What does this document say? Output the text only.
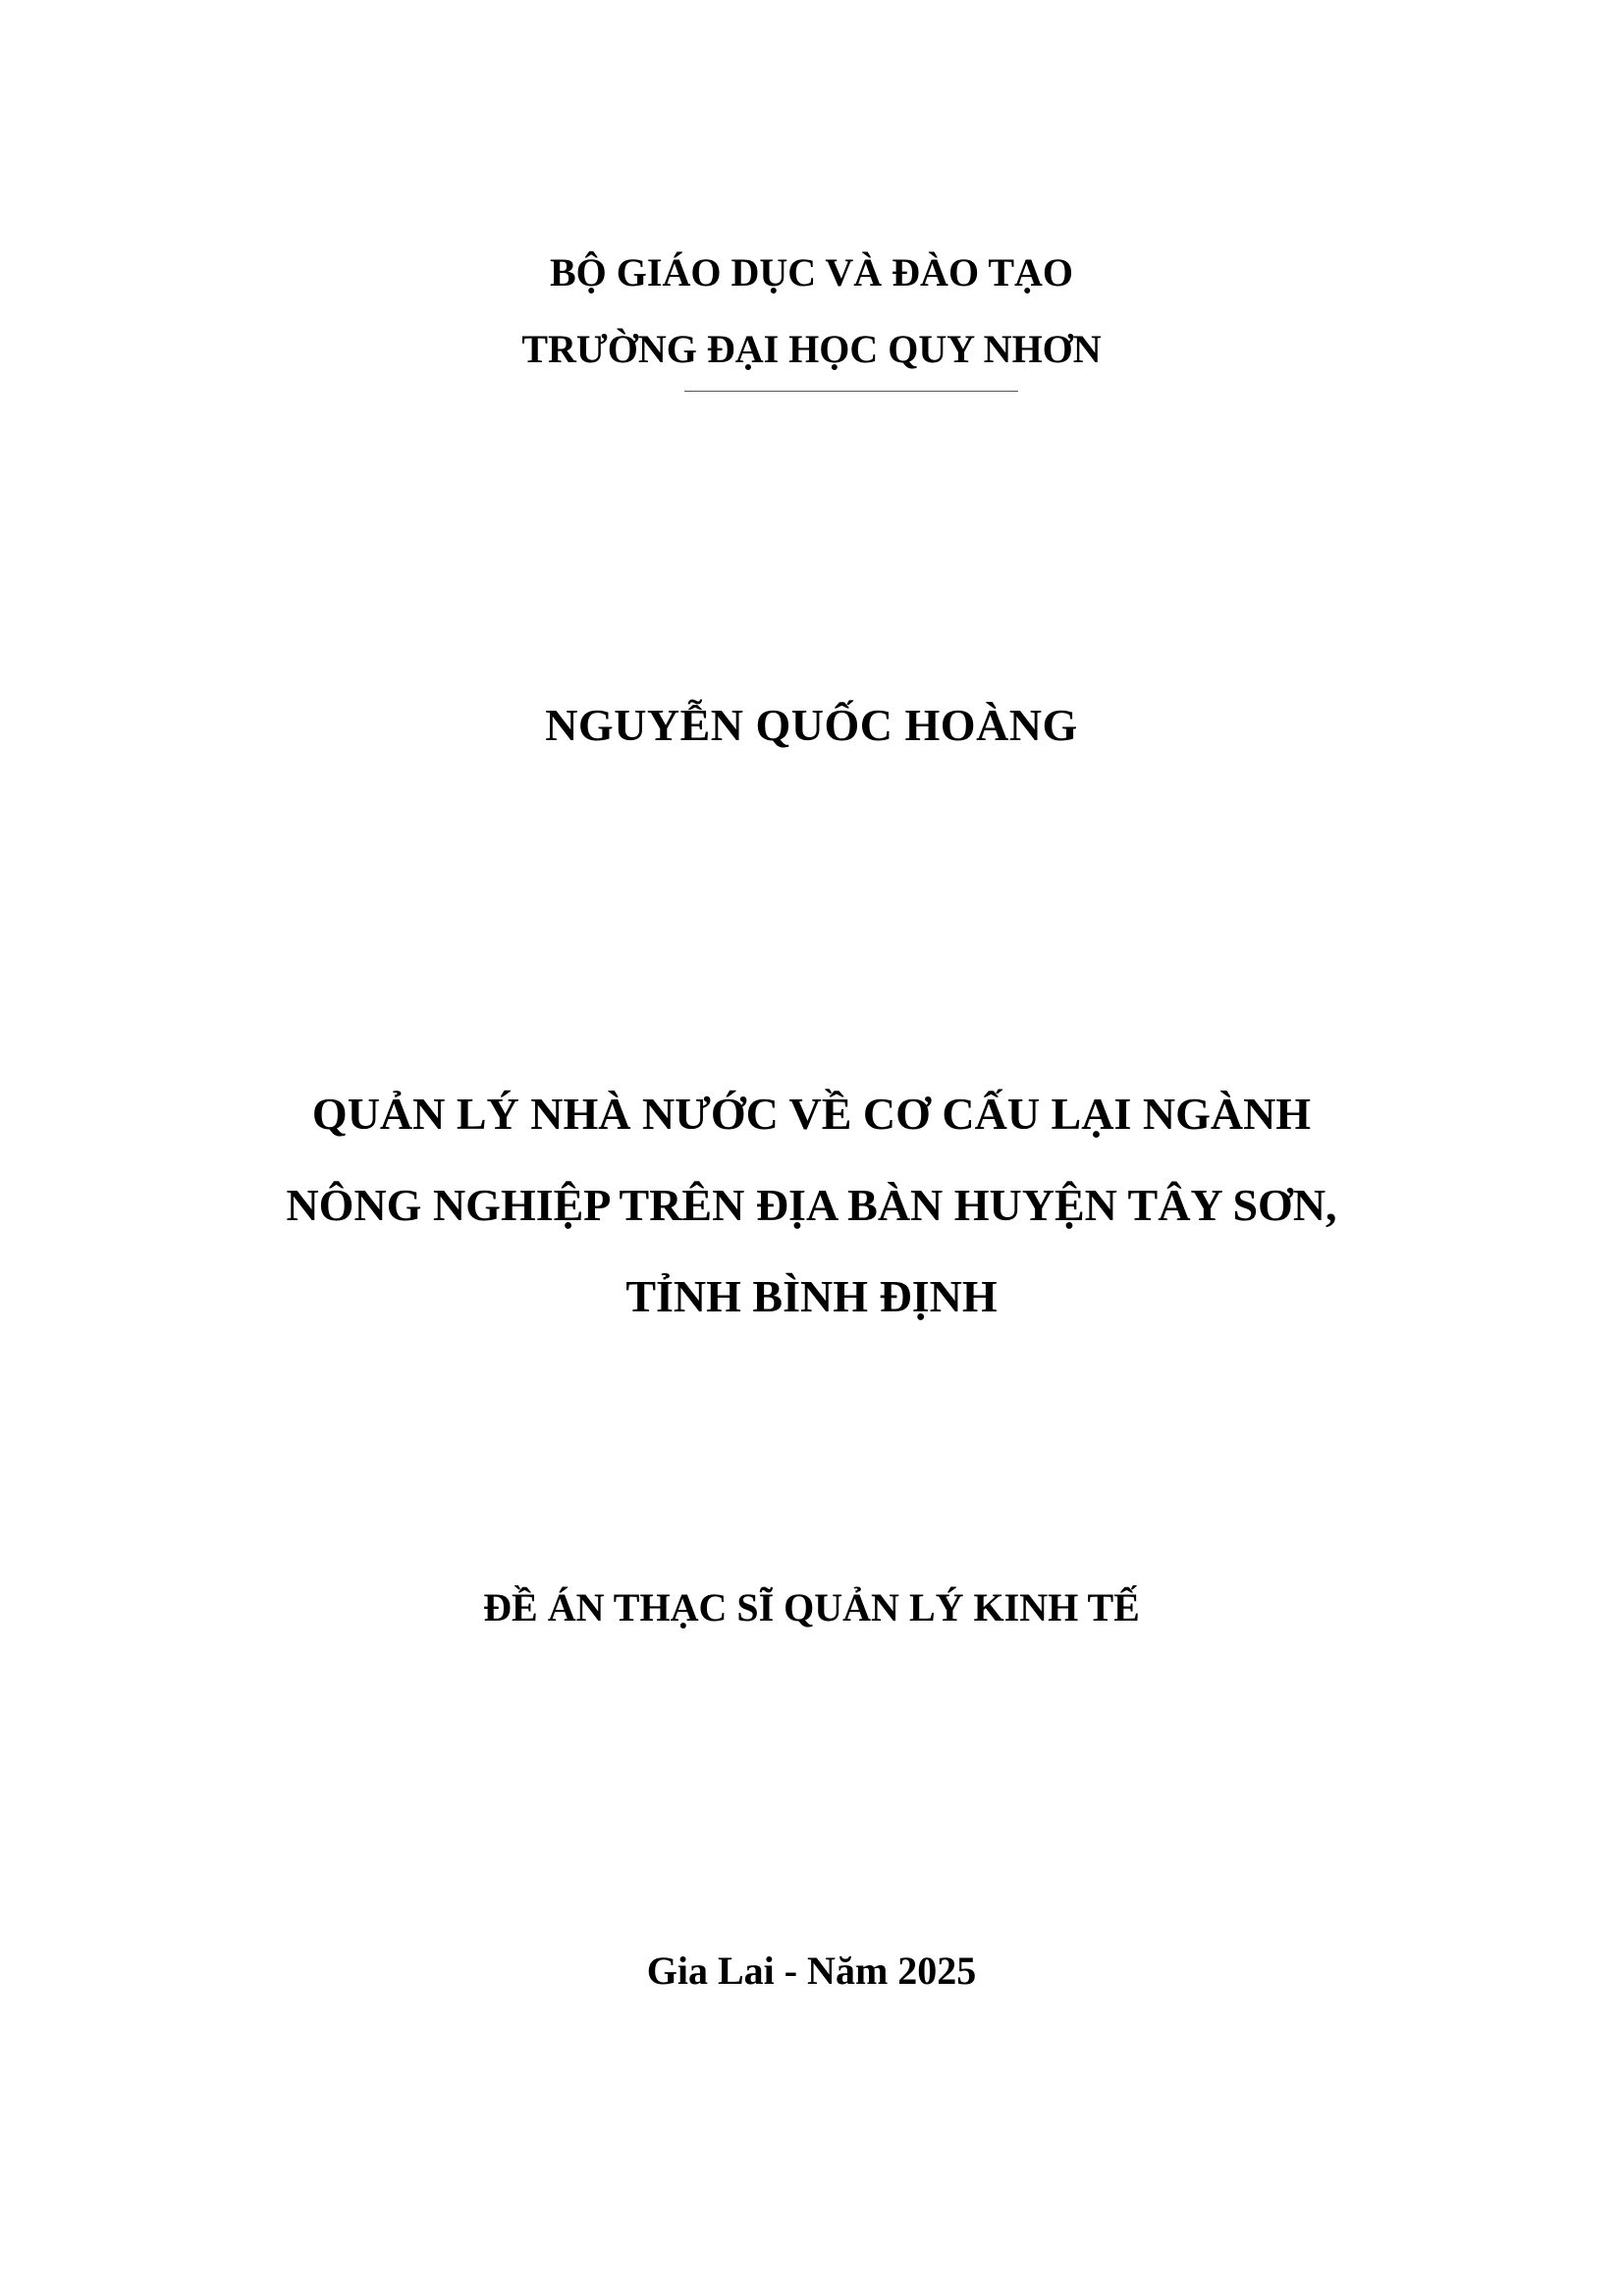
BỘ GIÁO DỤC VÀ ĐÀO TẠO
TRƯỜNG ĐẠI HỌC QUY NHƠN
NGUYỄN QUỐC HOÀNG
QUẢN LÝ NHÀ NƯỚC VỀ CƠ CẤU LẠI NGÀNH
NÔNG NGHIỆP TRÊN ĐỊA BÀN HUYỆN TÂY SƠN,
TỈNH BÌNH ĐỊNH
ĐỀ ÁN THẠC SĨ QUẢN LÝ KINH TẾ
Gia Lai - Năm 2025
